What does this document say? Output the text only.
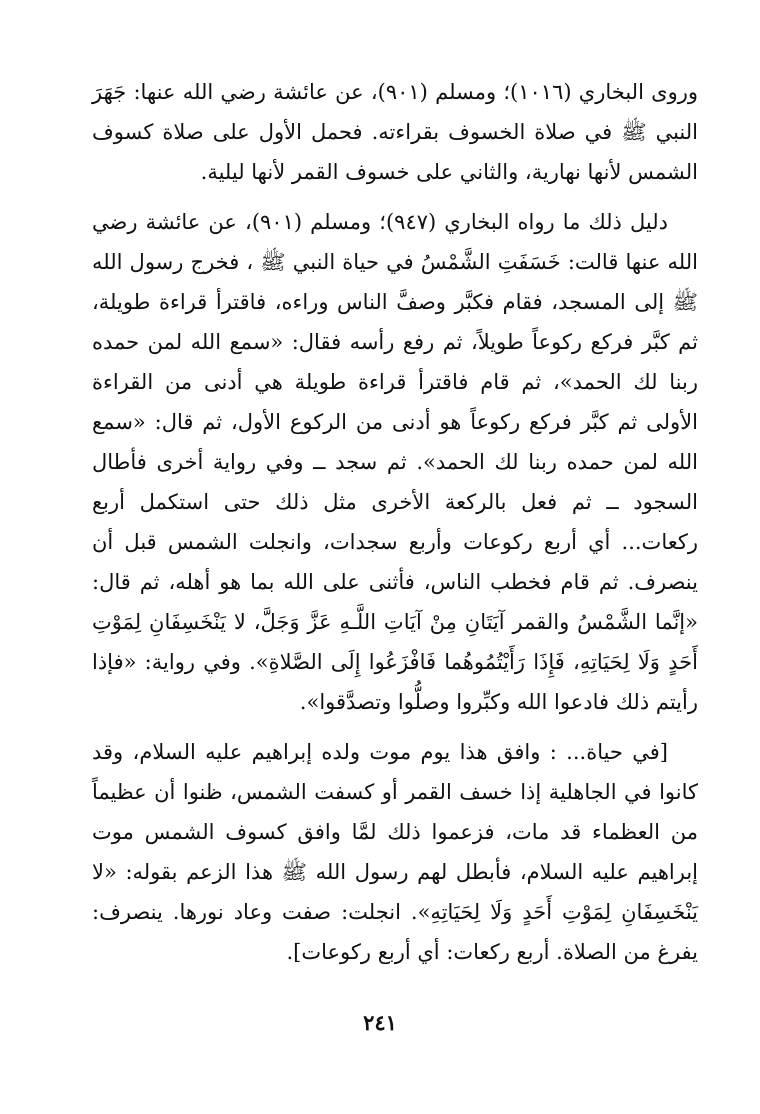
وروى البخاري (١٠١٦)؛ ومسلم (٩٠١)، عن عائشة رضي الله عنها: جَهَرَ النبي ﷺ في صلاة الخسوف بقراءته. فحمل الأول على صلاة كسوف الشمس لأنها نهارية، والثاني على خسوف القمر لأنها ليلية.

دليل ذلك ما رواه البخاري (٩٤٧)؛ ومسلم (٩٠١)، عن عائشة رضي الله عنها قالت: خَسَفَتِ الشَّمْسُ في حياة النبي ﷺ ، فخرج رسول الله ﷺ إلى المسجد، فقام فكبَّر وصفَّ الناس وراءه، فاقترأ قراءة طويلة، ثم كبَّر فركع ركوعاً طويلاً، ثم رفع رأسه فقال: «سمع الله لمن حمده ربنا لك الحمد»، ثم قام فاقترأ قراءة طويلة هي أدنى من القراءة الأولى ثم كبَّر فركع ركوعاً هو أدنى من الركوع الأول، ثم قال: «سمع الله لمن حمده ربنا لك الحمد». ثم سجد ــ وفي رواية أخرى فأطال السجود ــ ثم فعل بالركعة الأخرى مثل ذلك حتى استكمل أربع ركعات... أي أربع ركوعات وأربع سجدات، وانجلت الشمس قبل أن ينصرف. ثم قام فخطب الناس، فأثنى على الله بما هو أهله، ثم قال: «إنَّما الشَّمْسُ والقمر آيَتَانِ مِنْ آيَاتِ اللَّـهِ عَزَّ وَجَلَّ، لا يَنْخَسِفَانِ لِمَوْتِ أَحَدٍ وَلَا لِحَيَاتِهِ، فَإِذَا رَأَيْتُمُوهُما فَافْزَعُوا إِلَى الصَّلاةِ». وفي رواية: «فإذا رأيتم ذلك فادعوا الله وكبِّروا وصلُّوا وتصدَّقوا».

[في حياة... : وافق هذا يوم موت ولده إبراهيم عليه السلام، وقد كانوا في الجاهلية إذا خسف القمر أو كسفت الشمس، ظنوا أن عظيماً من العظماء قد مات، فزعموا ذلك لمَّا وافق كسوف الشمس موت إبراهيم عليه السلام، فأبطل لهم رسول الله ﷺ هذا الزعم بقوله: «لا يَنْخَسِفَانِ لِمَوْتِ أَحَدٍ وَلَا لِحَيَاتِهِ». انجلت: صفت وعاد نورها. ينصرف: يفرغ من الصلاة. أربع ركعات: أي أربع ركوعات].

٢٤١
